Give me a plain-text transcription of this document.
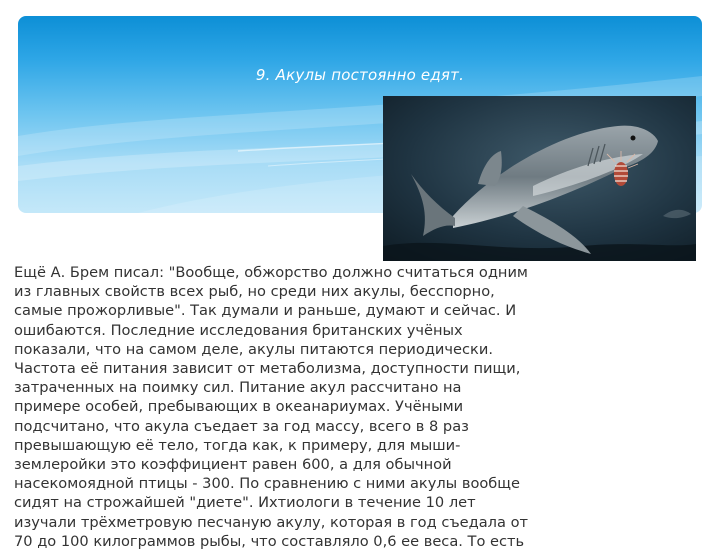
9. Акулы постоянно едят.
Ещё А. Брем писал: "Вообще, обжорство должно считаться одним
из главных свойств всех рыб, но среди них акулы, бесспорно,
самые прожорливые". Так думали и раньше, думают и сейчас. И
ошибаются. Последние исследования британских учёных
показали, что на самом деле, акулы питаются периодически.
Частота её питания зависит от метаболизма, доступности пищи,
затраченных на поимку сил. Питание акул рассчитано на
примере особей, пребывающих в океанариумах. Учёными
подсчитано, что акула съедает за год массу, всего в 8 раз
превышающую её тело, тогда как, к примеру, для мыши-
землеройки это коэффициент равен 600, а для обычной
насекомоядной птицы - 300. По сравнению с ними акулы вообще
сидят на строжайшей "диете". Ихтиологи в течение 10 лет
изучали трёхметровую песчаную акулу, которая в год съедала от
70 до 100 килограммов рыбы, что составляло 0,6 ее веса. То есть
